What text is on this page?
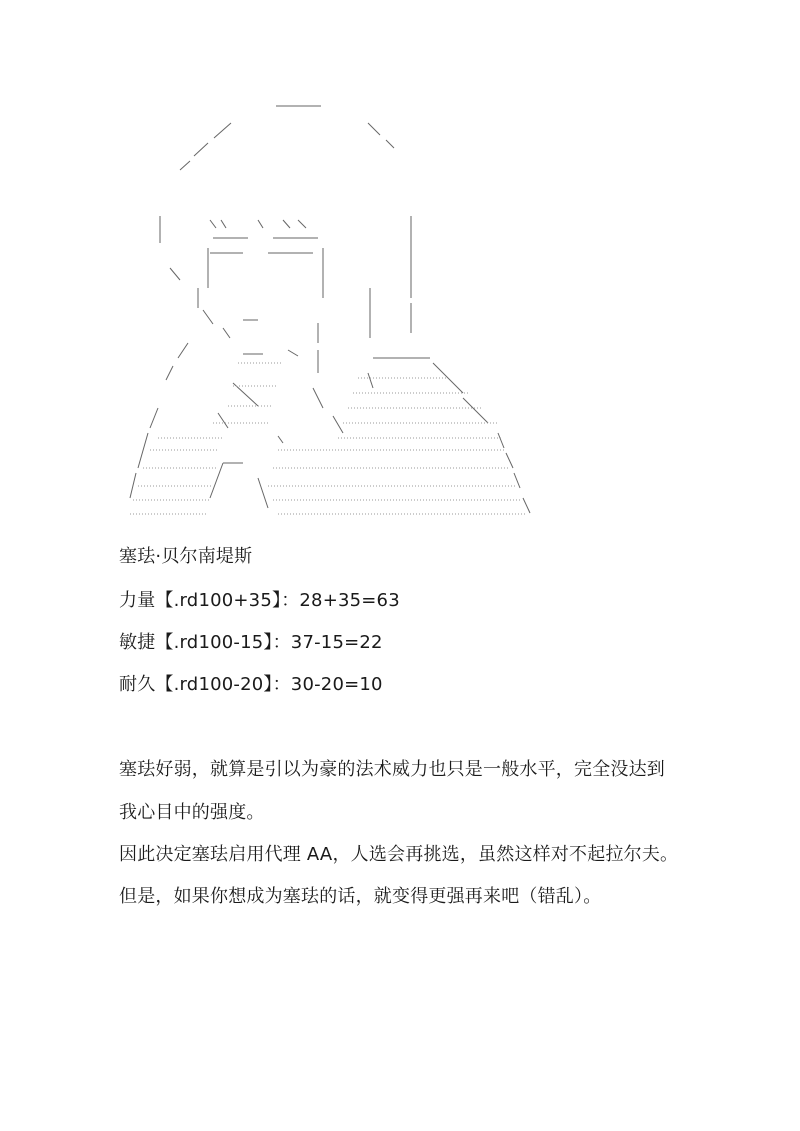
塞珐·贝尔南堤斯
力量【.rd100+35】：28+35=63
敏捷【.rd100-15】：37-15=22
耐久【.rd100-20】：30-20=10
塞珐好弱，就算是引以为豪的法术威力也只是一般水平，完全没达到
我心目中的强度。
因此决定塞珐启用代理 AA，人选会再挑选，虽然这样对不起拉尔夫。
但是，如果你想成为塞珐的话，就变得更强再来吧（错乱）。
